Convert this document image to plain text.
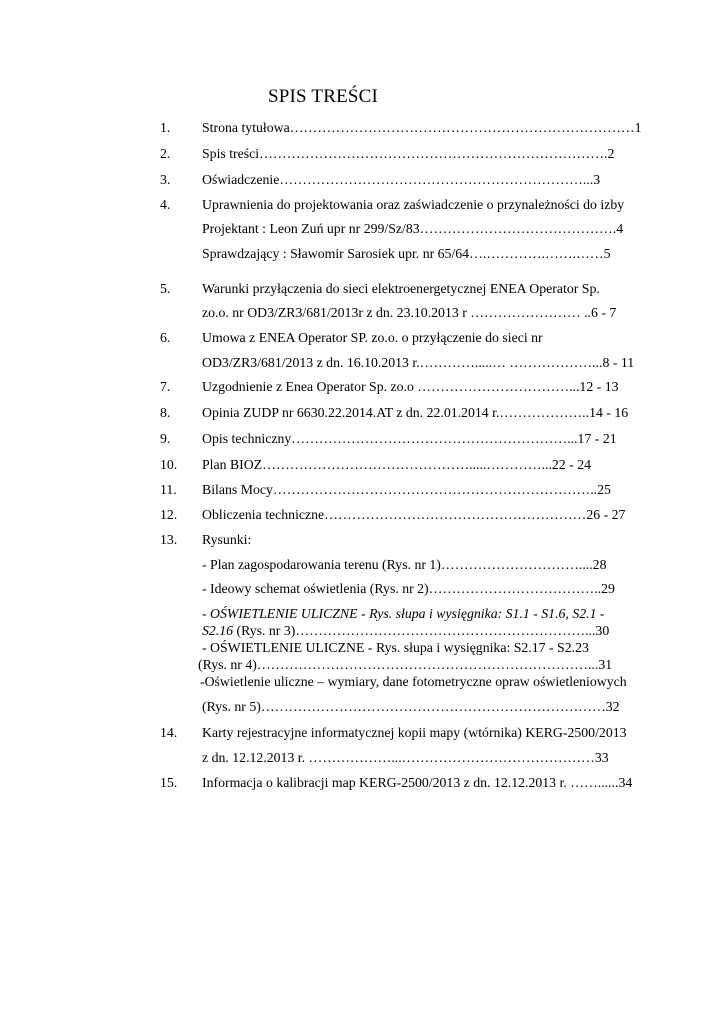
SPIS TREŚCI
1. Strona tytułowa…………………………………………………………………1
2. Spis treści………………………………………………………………….2
3. Oświadczenie…………………………………………………………...3
4. Uprawnienia do projektowania oraz zaświadczenie o przynależności do izby
Projektant : Leon Zuń upr nr 299/Sz/83…………………………………….4
Sprawdzający : Sławomir Sarosiek upr. nr 65/64….………….…….……5
5. Warunki przyłączenia do sieci elektroenergetycznej ENEA Operator Sp.
zo.o. nr OD3/ZR3/681/2013r z dn. 23.10.2013 r …………………… ..6 - 7
6. Umowa z ENEA Operator SP. zo.o. o przyłączenie do sieci nr
OD3/ZR3/681/2013 z dn. 16.10.2013 r.………….....… ………………...8 - 11
7. Uzgodnienie z Enea Operator Sp. zo.o ……………………………...12 - 13
8. Opinia ZUDP nr 6630.22.2014.AT z dn. 22.01.2014 r.………………..14 - 16
9. Opis techniczny……………………………………………………...17 - 21
10. Plan BIOZ……………………………………….....…………...22 - 24
11. Bilans Mocy……………………………………………………………..25
12. Obliczenia techniczne…………………………………………………26 - 27
13. Rysunki:
- Plan zagospodarowania terenu (Rys. nr 1)…………………………....28
- Ideowy schemat oświetlenia (Rys. nr 2)………………………………..29
- OŚWIETLENIE ULICZNE - Rys. słupa i wysięgnika: S1.1 - S1.6, S2.1 -
S2.16 (Rys. nr 3)………………………………………………………...30
- OŚWIETLENIE ULICZNE - Rys. słupa i wysięgnika: S2.17 - S2.23
(Rys. nr 4)………………………………………………………………...31
-Oświetlenie uliczne – wymiary, dane fotometryczne opraw oświetleniowych
(Rys. nr 5)…………………………………………………………………32
14. Karty rejestracyjne informatycznej kopii mapy (wtórnika) KERG-2500/2013
z dn. 12.12.2013 r. ………………...……………………………………33
15. Informacja o kalibracji map KERG-2500/2013 z dn. 12.12.2013 r. ……......34
